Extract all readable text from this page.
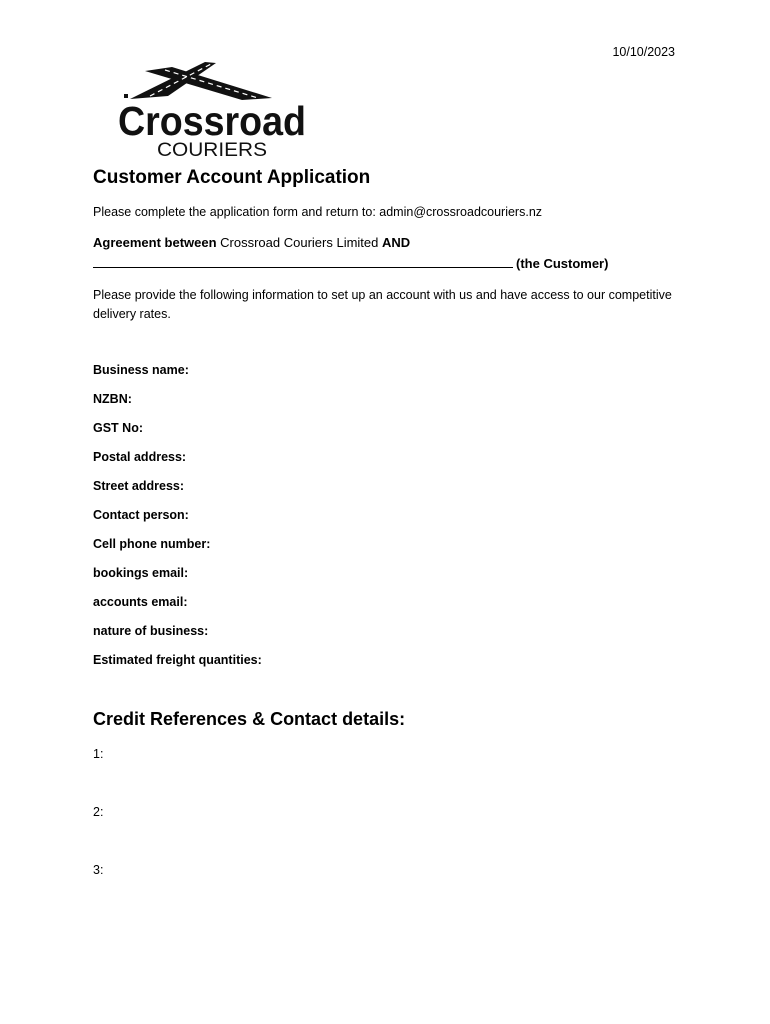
10/10/2023
Crossroad
COURIERS
Customer Account Application

Please complete the application form and return to: admin@crossroadcouriers.nz

Agreement between Crossroad Couriers Limited AND

(the Customer)

Please provide the following information to set up an account with us and have access to our competitive delivery rates.

Business name:
NZBN:
GST No:
Postal address:
Street address:
Contact person:
Cell phone number:
bookings email:
accounts email:
nature of business:
Estimated freight quantities:
Credit References & Contact details:
1:
2:
3:
